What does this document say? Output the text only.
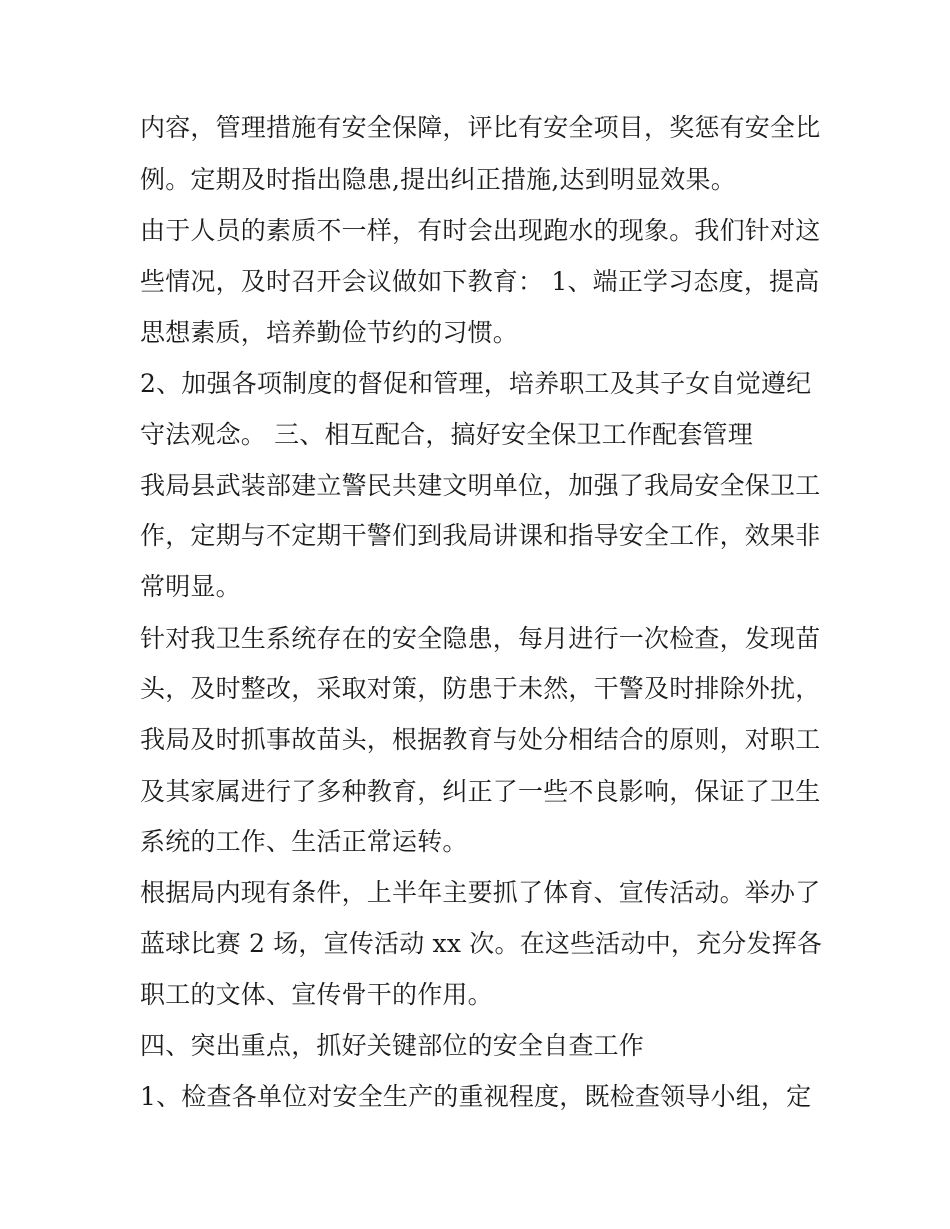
内容，管理措施有安全保障，评比有安全项目，奖惩有安全比
例。定期及时指出隐患,提出纠正措施,达到明显效果。
由于人员的素质不一样，有时会出现跑水的现象。我们针对这
些情况，及时召开会议做如下教育： 1、端正学习态度，提高
思想素质，培养勤俭节约的习惯。
2、加强各项制度的督促和管理，培养职工及其子女自觉遵纪
守法观念。 三、相互配合，搞好安全保卫工作配套管理
我局县武装部建立警民共建文明单位，加强了我局安全保卫工
作，定期与不定期干警们到我局讲课和指导安全工作，效果非
常明显。
针对我卫生系统存在的安全隐患，每月进行一次检查，发现苗
头，及时整改，采取对策，防患于未然，干警及时排除外扰，
我局及时抓事故苗头，根据教育与处分相结合的原则，对职工
及其家属进行了多种教育，纠正了一些不良影响，保证了卫生
系统的工作、生活正常运转。
根据局内现有条件，上半年主要抓了体育、宣传活动。举办了
蓝球比赛 2 场，宣传活动 xx 次。在这些活动中，充分发挥各
职工的文体、宣传骨干的作用。
四、突出重点，抓好关键部位的安全自查工作
1、检查各单位对安全生产的重视程度，既检查领导小组，定
